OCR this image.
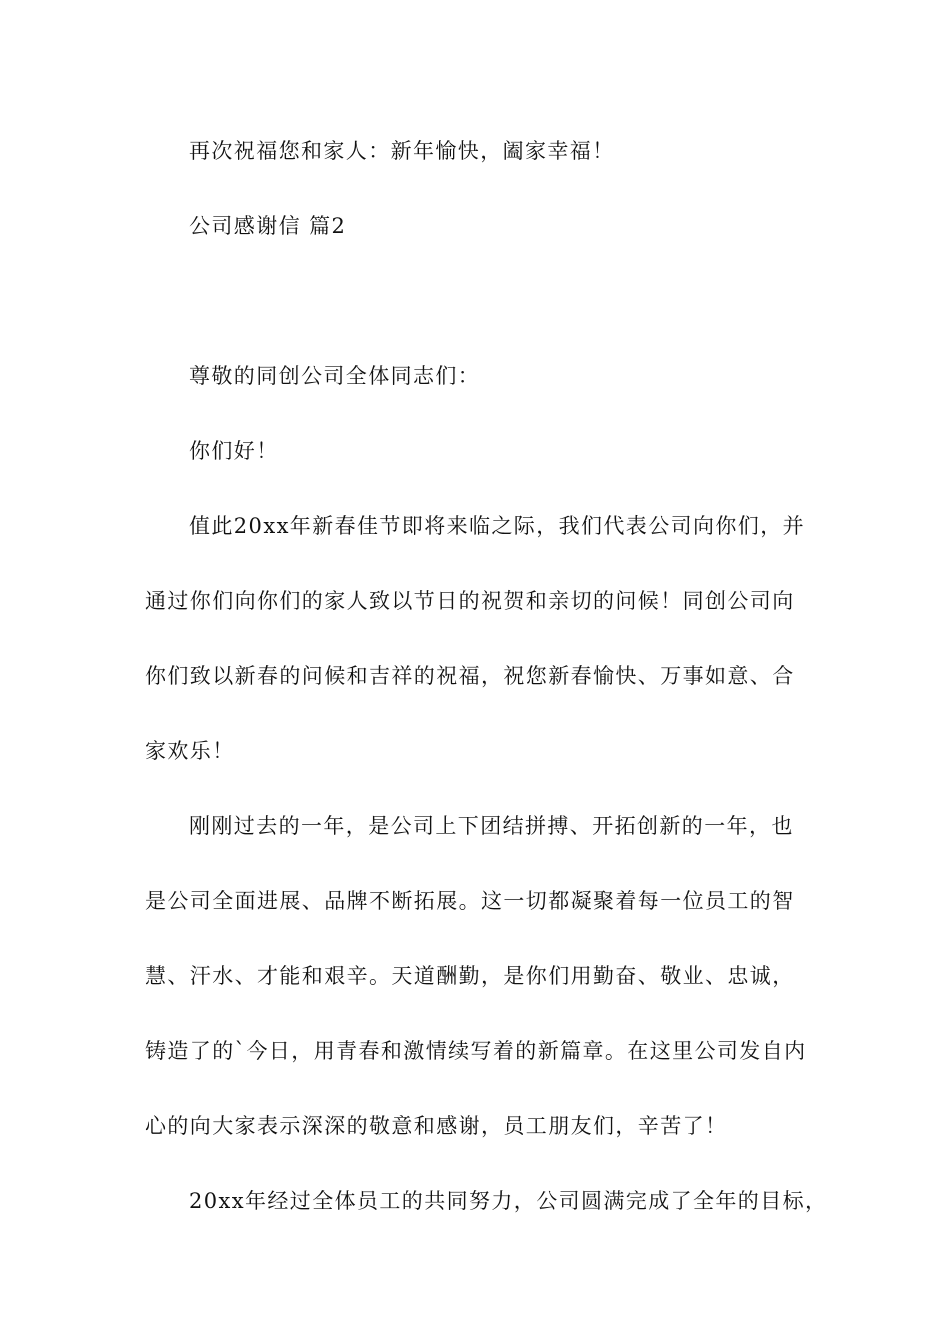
再次祝福您和家人：新年愉快，阖家幸福！
公司感谢信 篇2
尊敬的同创公司全体同志们：
你们好！
值此20xx年新春佳节即将来临之际，我们代表公司向你们，并
通过你们向你们的家人致以节日的祝贺和亲切的问候！同创公司向
你们致以新春的问候和吉祥的祝福，祝您新春愉快、万事如意、合
家欢乐！
刚刚过去的一年，是公司上下团结拼搏、开拓创新的一年，也
是公司全面进展、品牌不断拓展。这一切都凝聚着每一位员工的智
慧、汗水、才能和艰辛。天道酬勤，是你们用勤奋、敬业、忠诚，
铸造了的`今日，用青春和激情续写着的新篇章。在这里公司发自内
心的向大家表示深深的敬意和感谢，员工朋友们，辛苦了！
20xx年经过全体员工的共同努力，公司圆满完成了全年的目标，
